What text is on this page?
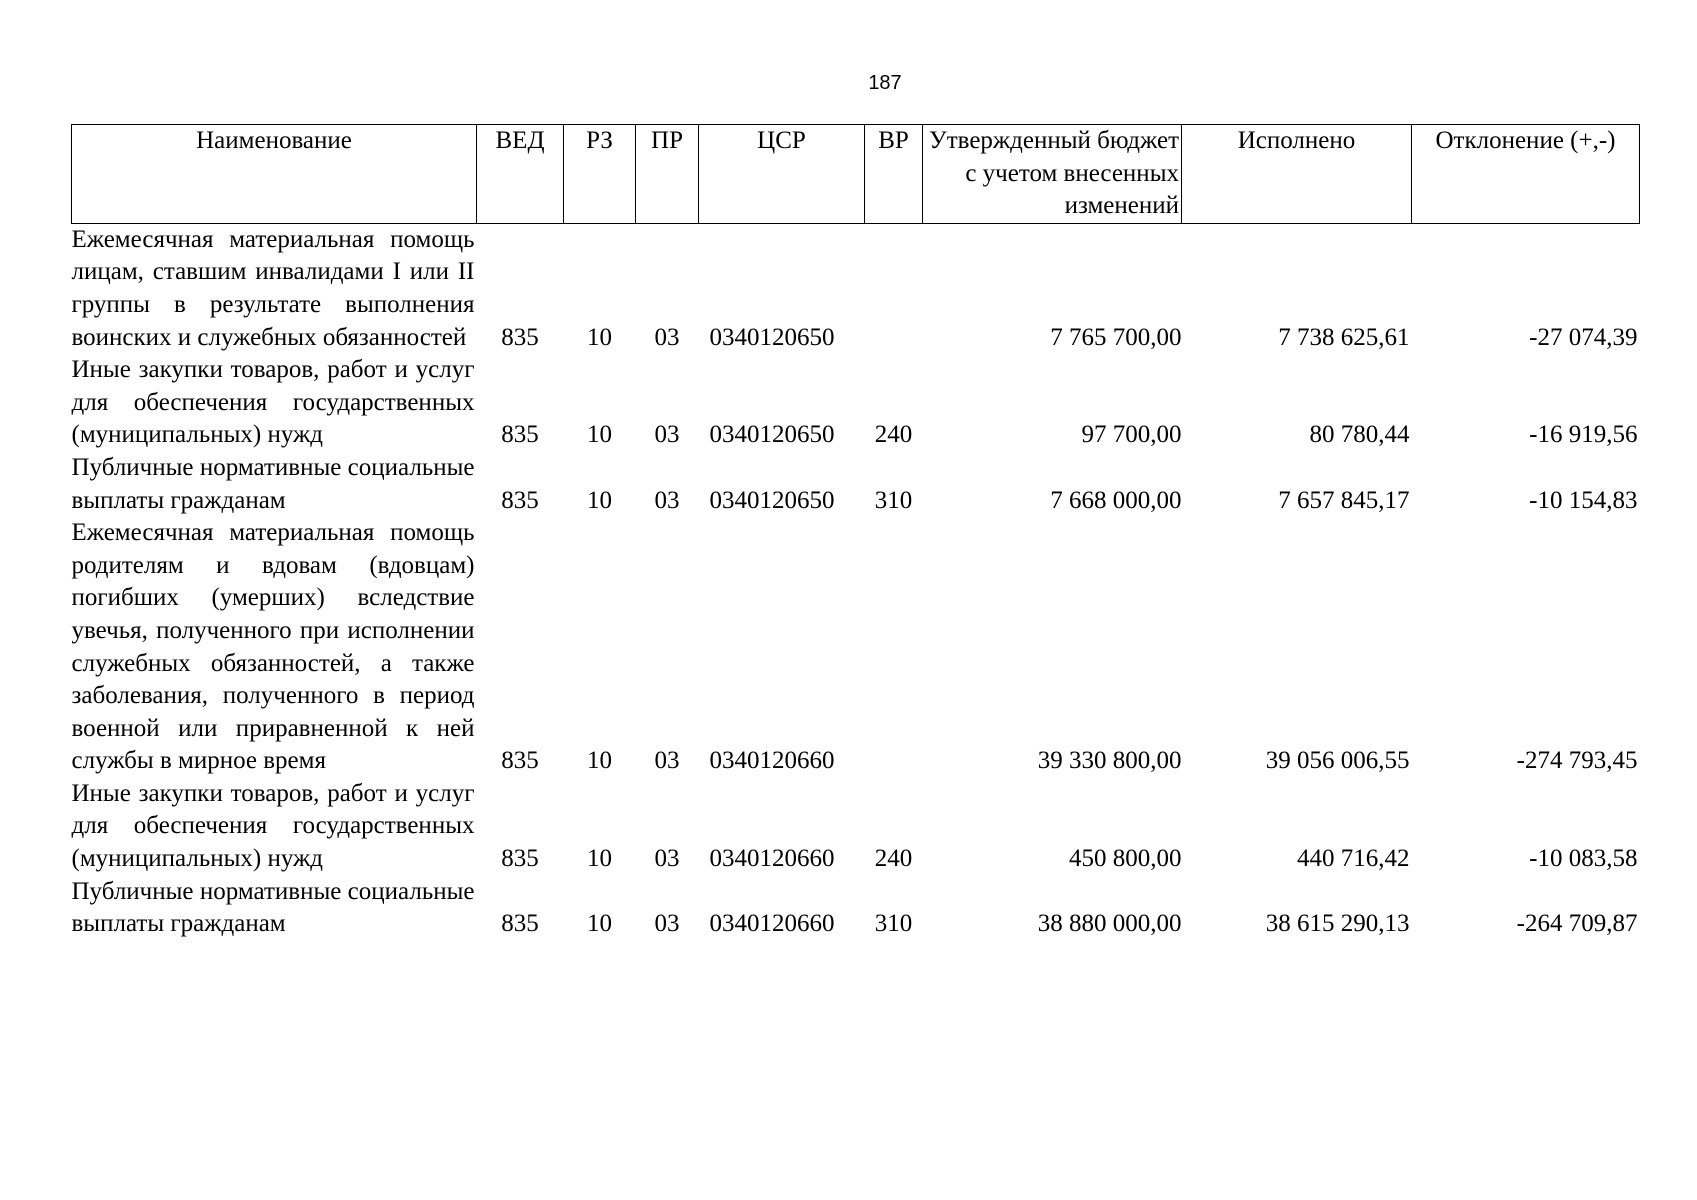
187
Наименование	ВЕД	РЗ	ПР	ЦСР	ВР	Утвержденный бюджет с учетом внесенных изменений	Исполнено	Отклонение (+,-)
Ежемесячная материальная помощь лицам, ставшим инвалидами I или II группы в результате выполнения воинских и служебных обязанностей	835	10	03	0340120650		7 765 700,00	7 738 625,61	-27 074,39
Иные закупки товаров, работ и услуг для обеспечения государственных (муниципальных) нужд	835	10	03	0340120650	240	97 700,00	80 780,44	-16 919,56
Публичные нормативные социальные выплаты гражданам	835	10	03	0340120650	310	7 668 000,00	7 657 845,17	-10 154,83
Ежемесячная материальная помощь родителям и вдовам (вдовцам) погибших (умерших) вследствие увечья, полученного при исполнении служебных обязанностей, а также заболевания, полученного в период военной или приравненной к ней службы в мирное время	835	10	03	0340120660		39 330 800,00	39 056 006,55	-274 793,45
Иные закупки товаров, работ и услуг для обеспечения государственных (муниципальных) нужд	835	10	03	0340120660	240	450 800,00	440 716,42	-10 083,58
Публичные нормативные социальные выплаты гражданам	835	10	03	0340120660	310	38 880 000,00	38 615 290,13	-264 709,87
